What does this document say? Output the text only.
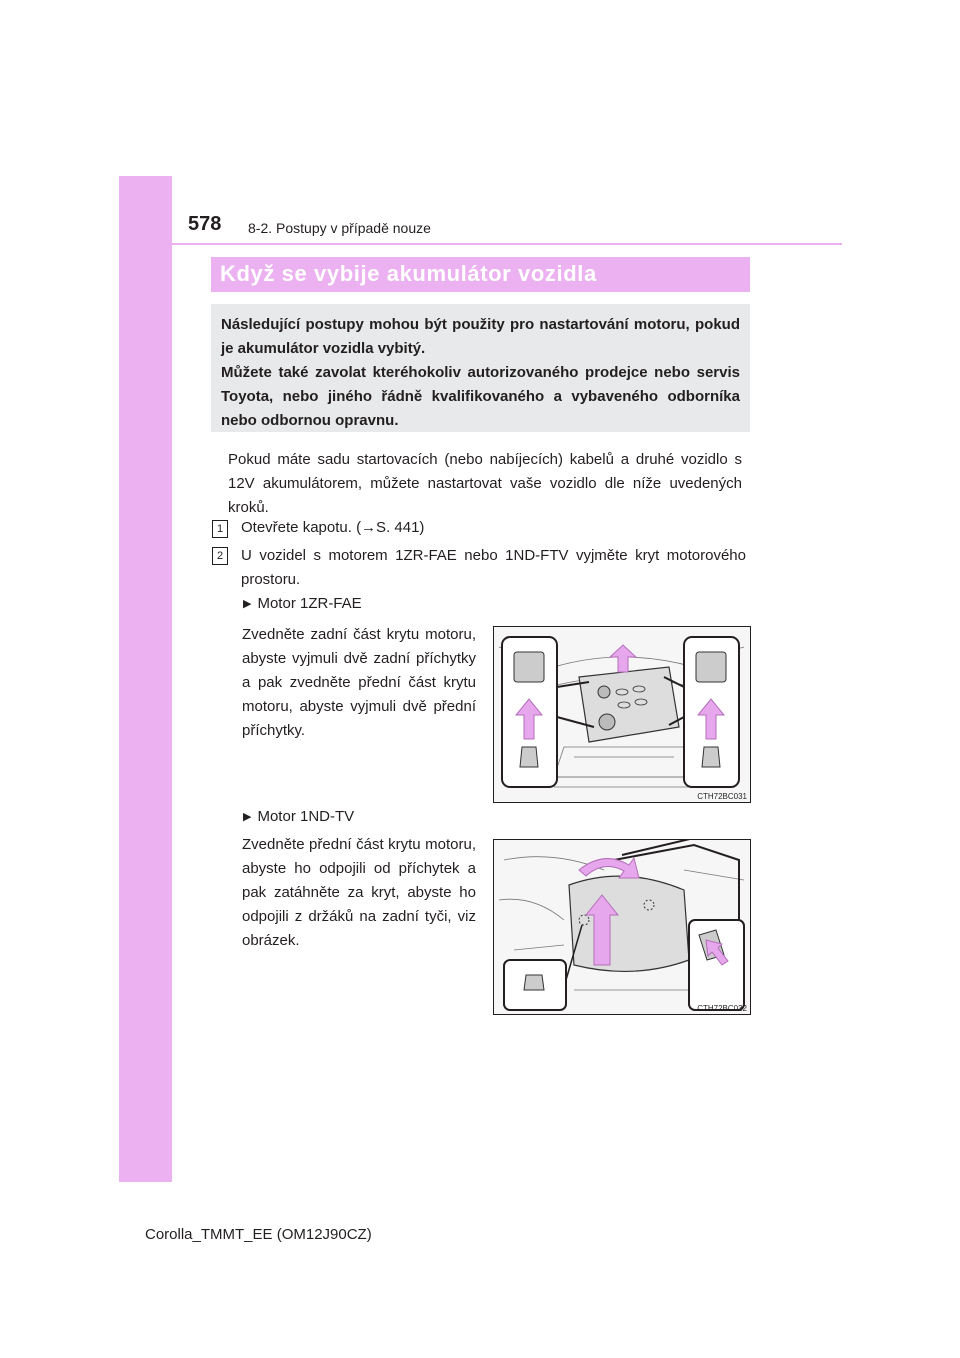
578 8-2. Postupy v případě nouze
Když se vybije akumulátor vozidla

Následující postupy mohou být použity pro nastartování motoru, pokud je akumulátor vozidla vybitý.

Můžete také zavolat kteréhokoliv autorizovaného prodejce nebo servis Toyota, nebo jiného řádně kvalifikovaného a vybaveného odborníka nebo odbornou opravnu.

Pokud máte sadu startovacích (nebo nabíjecích) kabelů a druhé vozidlo s 12V akumulátorem, můžete nastartovat vaše vozidlo dle níže uvedených kroků.

1	Otevřete kapotu. (→S. 441)
2	U vozidel s motorem 1ZR-FAE nebo 1ND-FTV vyjměte kryt motorového prostoru.
▶ Motor 1ZR-FAE
Zvedněte zadní část krytu motoru, abyste vyjmuli dvě zadní příchytky a pak zvedněte přední část krytu motoru, abyste vyjmuli dvě přední příchytky.
CTH72BC031
▶ Motor 1ND-TV
Zvedněte přední část krytu motoru, abyste ho odpojili od příchytek a pak zatáhněte za kryt, abyste ho odpojili z držáků na zadní tyči, viz obrázek.
CTH72BC032
Corolla_TMMT_EE (OM12J90CZ)
